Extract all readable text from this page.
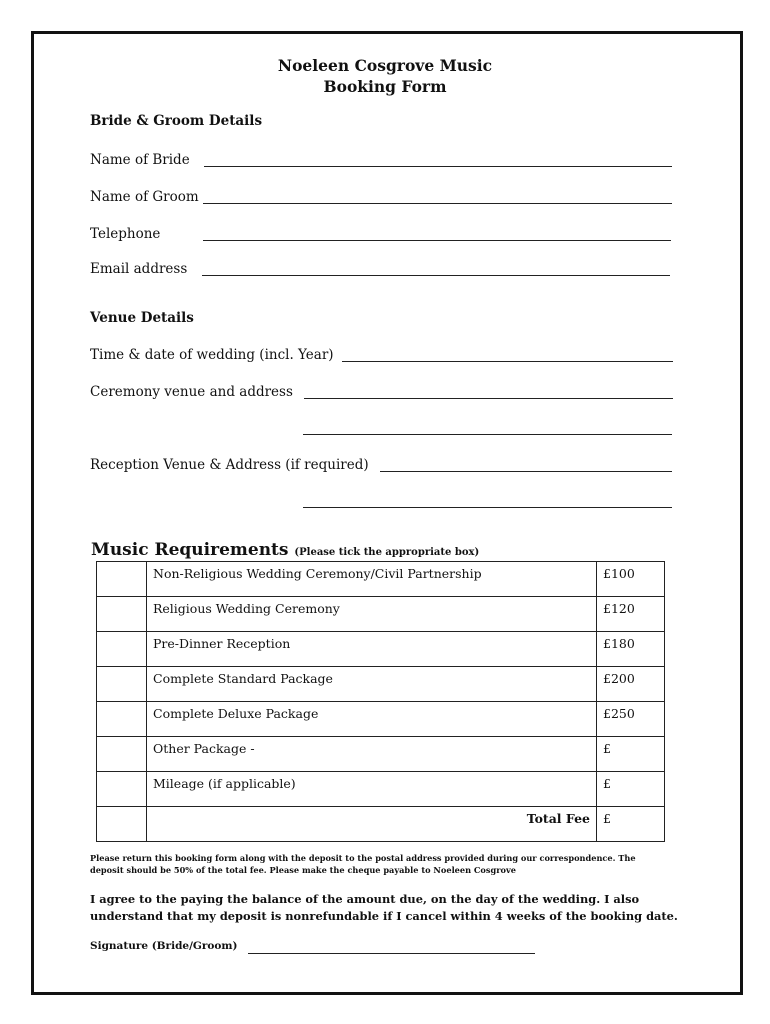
Noeleen Cosgrove Music
Booking Form
Bride & Groom Details
Name of Bride
Name of Groom
Telephone
Email address
Venue Details
Time & date of wedding (incl. Year)
Ceremony venue and address
Reception Venue & Address (if required)
Music Requirements (Please tick the appropriate box)
	Non-Religious Wedding Ceremony/Civil Partnership	£100
	Religious Wedding Ceremony	£120
	Pre-Dinner Reception	£180
	Complete Standard Package	£200
	Complete Deluxe Package	£250
	Other Package -	£
	Mileage (if applicable)	£
	Total Fee	£
Please return this booking form along with the deposit to the postal address provided during our correspondence. The
deposit should be 50% of the total fee. Please make the cheque payable to Noeleen Cosgrove
I agree to the paying the balance of the amount due, on the day of the wedding. I also
understand that my deposit is nonrefundable if I cancel within 4 weeks of the booking date.
Signature (Bride/Groom)
